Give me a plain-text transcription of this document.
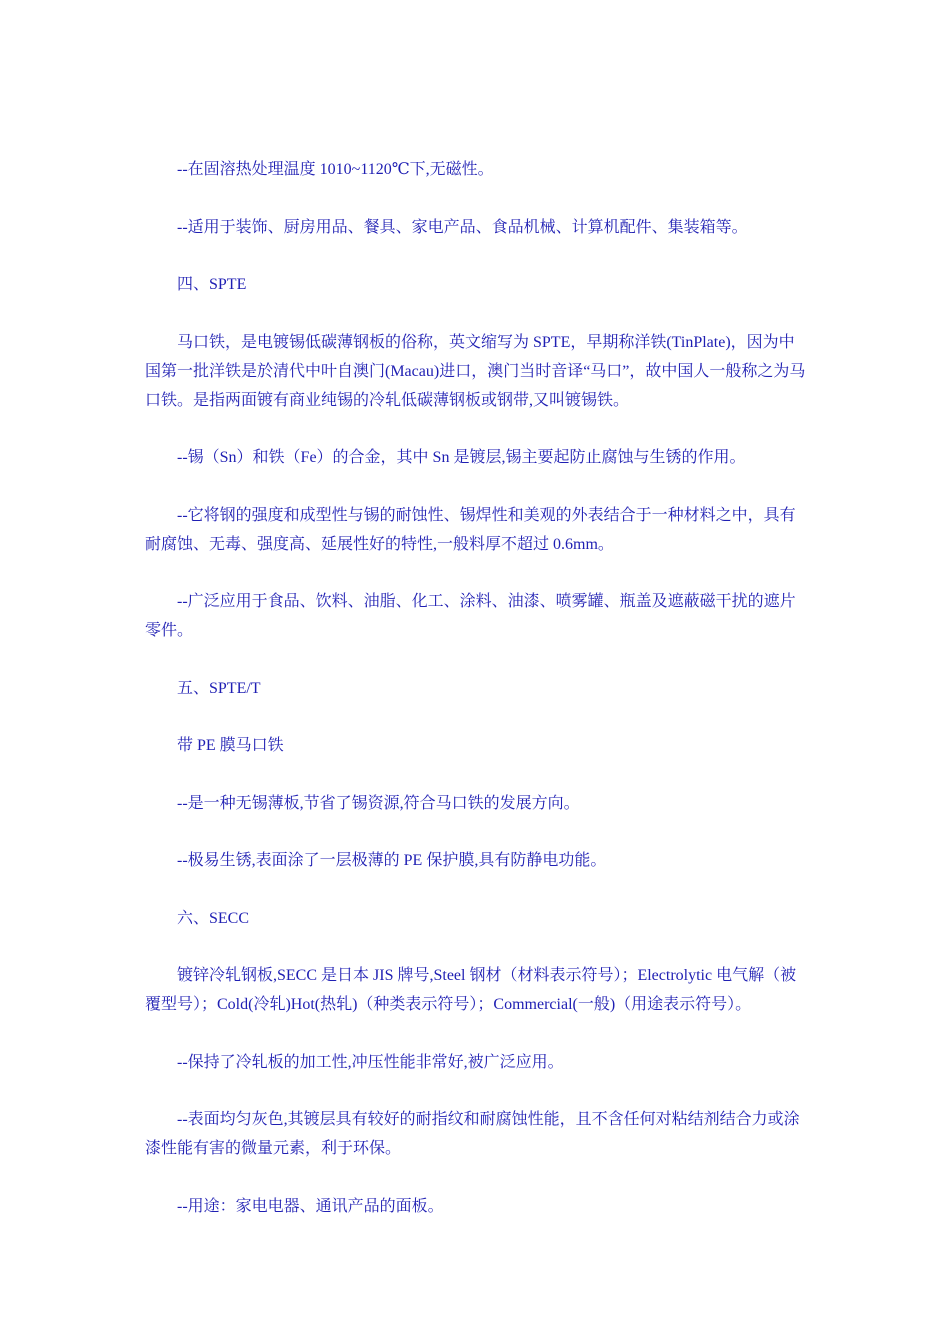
--在固溶热处理温度 1010~1120℃下,无磁性。

--适用于装饰、厨房用品、餐具、家电产品、食品机械、计算机配件、集装箱等。

四、SPTE

马口铁，是电镀锡低碳薄钢板的俗称，英文缩写为 SPTE，早期称洋铁(TinPlate)，因为中国第一批洋铁是於清代中叶自澳门(Macau)进口，澳门当时音译“马口”，故中国人一般称之为马口铁。是指两面镀有商业纯锡的冷轧低碳薄钢板或钢带,又叫镀锡铁。

--锡（Sn）和铁（Fe）的合金，其中 Sn 是镀层,锡主要起防止腐蚀与生锈的作用。

--它将钢的强度和成型性与锡的耐蚀性、锡焊性和美观的外表结合于一种材料之中，具有耐腐蚀、无毒、强度高、延展性好的特性,一般料厚不超过 0.6mm。

--广泛应用于食品、饮料、油脂、化工、涂料、油漆、喷雾罐、瓶盖及遮蔽磁干扰的遮片零件。

五、SPTE/T

带 PE 膜马口铁

--是一种无锡薄板,节省了锡资源,符合马口铁的发展方向。

--极易生锈,表面涂了一层极薄的 PE 保护膜,具有防静电功能。

六、SECC

镀锌冷轧钢板,SECC 是日本 JIS 牌号,Steel 钢材（材料表示符号）；Electrolytic 电气解（被覆型号）；Cold(冷轧)Hot(热轧)（种类表示符号）；Commercial(一般)（用途表示符号）。

--保持了冷轧板的加工性,冲压性能非常好,被广泛应用。

--表面均匀灰色,其镀层具有较好的耐指纹和耐腐蚀性能，且不含任何对粘结剂结合力或涂漆性能有害的微量元素，利于环保。

--用途：家电电器、通讯产品的面板。
